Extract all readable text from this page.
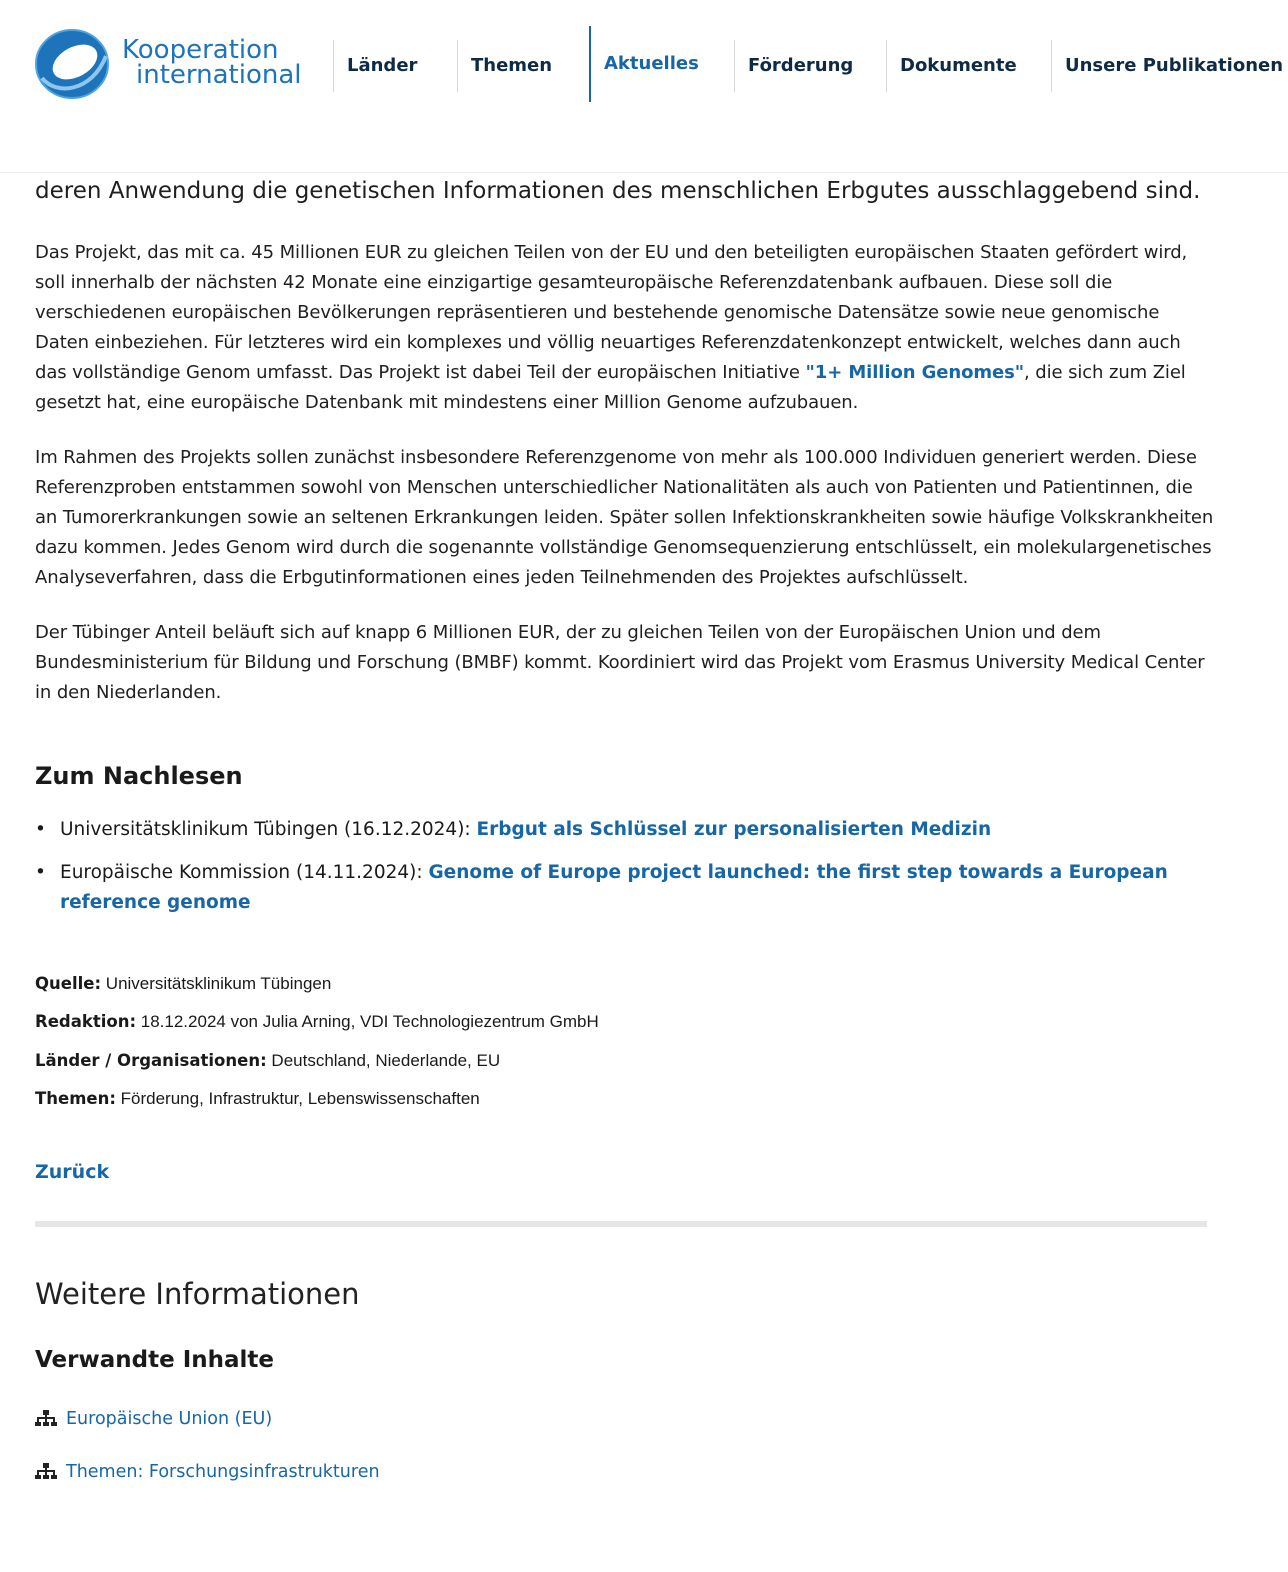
Kooperation
international	Länder	Themen	Aktuelles	Förderung	Dokumente	Unsere Publikationen

deren Anwendung die genetischen Informationen des menschlichen Erbgutes ausschlaggebend sind.

Das Projekt, das mit ca. 45 Millionen EUR zu gleichen Teilen von der EU und den beteiligten europäischen Staaten gefördert wird, soll innerhalb der nächsten 42 Monate eine einzigartige gesamteuropäische Referenzdatenbank aufbauen. Diese soll die verschiedenen europäischen Bevölkerungen repräsentieren und bestehende genomische Datensätze sowie neue genomische Daten einbeziehen. Für letzteres wird ein komplexes und völlig neuartiges Referenzdatenkonzept entwickelt, welches dann auch das vollständige Genom umfasst. Das Projekt ist dabei Teil der europäischen Initiative "1+ Million Genomes", die sich zum Ziel gesetzt hat, eine europäische Datenbank mit mindestens einer Million Genome aufzubauen.

Im Rahmen des Projekts sollen zunächst insbesondere Referenzgenome von mehr als 100.000 Individuen generiert werden. Diese Referenzproben entstammen sowohl von Menschen unterschiedlicher Nationalitäten als auch von Patienten und Patientinnen, die an Tumorerkrankungen sowie an seltenen Erkrankungen leiden. Später sollen Infektionskrankheiten sowie häufige Volkskrankheiten dazu kommen. Jedes Genom wird durch die sogenannte vollständige Genomsequenzierung entschlüsselt, ein molekulargenetisches Analyseverfahren, dass die Erbgutinformationen eines jeden Teilnehmenden des Projektes aufschlüsselt.

Der Tübinger Anteil beläuft sich auf knapp 6 Millionen EUR, der zu gleichen Teilen von der Europäischen Union und dem Bundesministerium für Bildung und Forschung (BMBF) kommt. Koordiniert wird das Projekt vom Erasmus University Medical Center in den Niederlanden.

Zum Nachlesen
• Universitätsklinikum Tübingen (16.12.2024): Erbgut als Schlüssel zur personalisierten Medizin
• Europäische Kommission (14.11.2024): Genome of Europe project launched: the first step towards a European reference genome

Quelle: Universitätsklinikum Tübingen

Redaktion: 18.12.2024 von Julia Arning, VDI Technologiezentrum GmbH

Länder / Organisationen: Deutschland, Niederlande, EU

Themen: Förderung, Infrastruktur, Lebenswissenschaften

Zurück
Weitere Informationen
Verwandte Inhalte
Europäische Union (EU)
Themen: Forschungsinfrastrukturen
